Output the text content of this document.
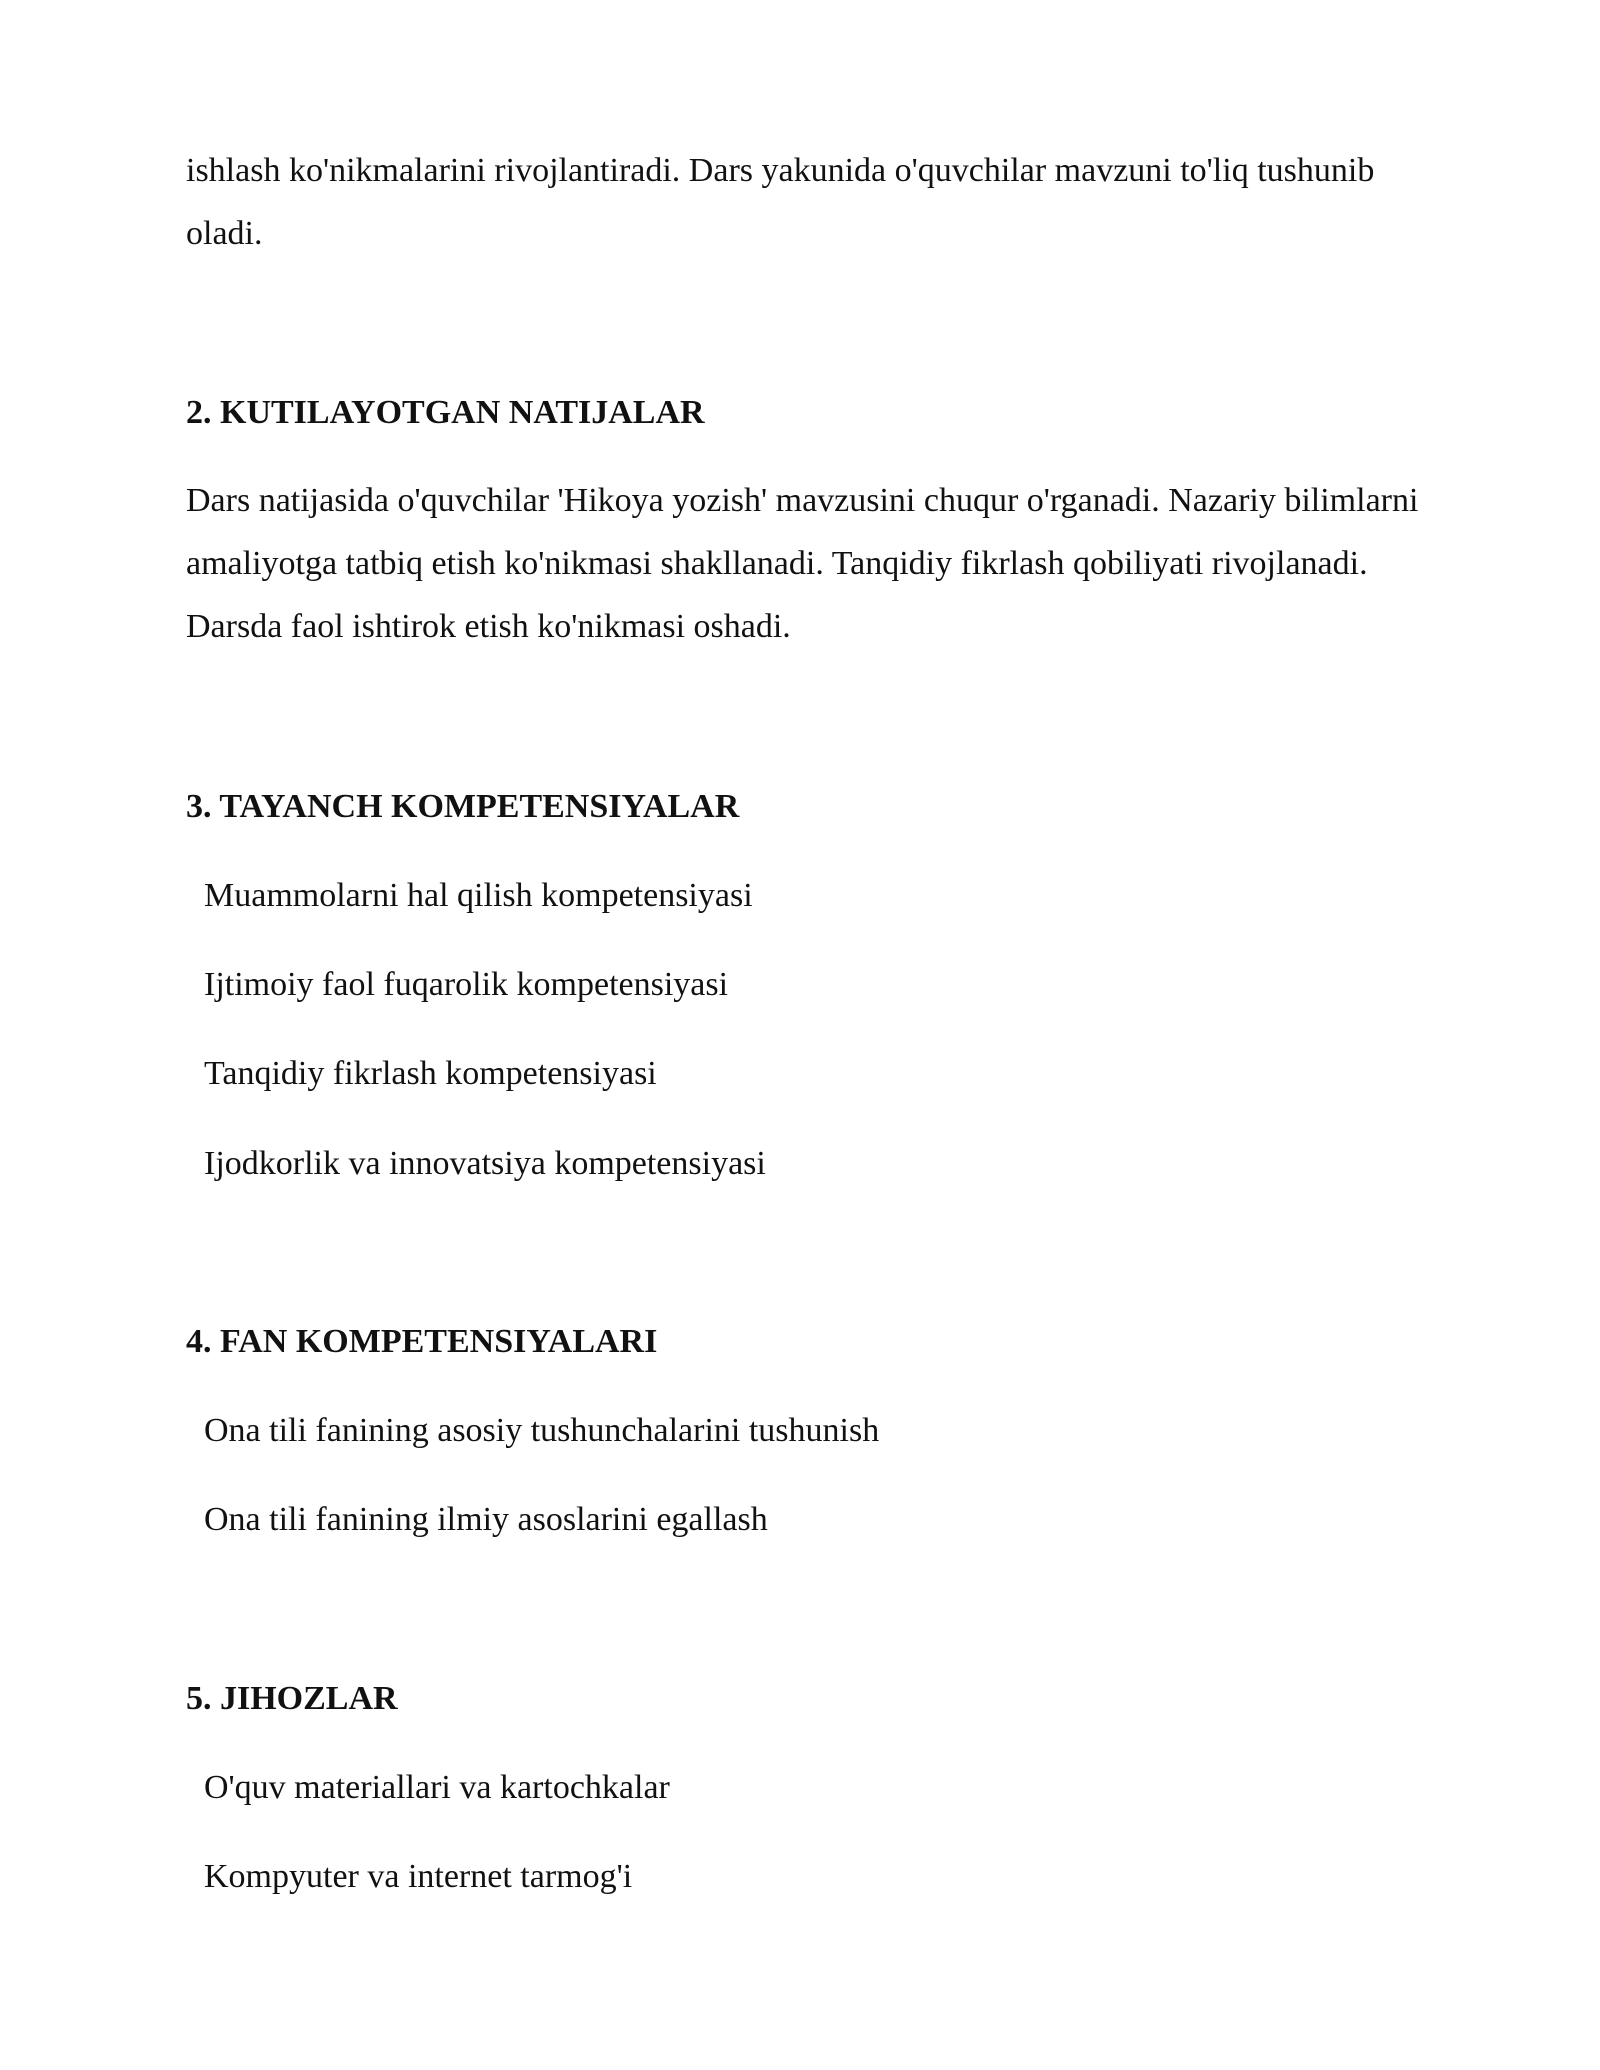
ishlash ko'nikmalarini rivojlantiradi. Dars yakunida o'quvchilar mavzuni to'liq tushunib oladi.

2. KUTILAYOTGAN NATIJALAR

Dars natijasida o'quvchilar 'Hikoya yozish' mavzusini chuqur o'rganadi. Nazariy bilimlarni amaliyotga tatbiq etish ko'nikmasi shakllanadi. Tanqidiy fikrlash qobiliyati rivojlanadi. Darsda faol ishtirok etish ko'nikmasi oshadi.

3. TAYANCH KOMPETENSIYALAR

Muammolarni hal qilish kompetensiyasi

Ijtimoiy faol fuqarolik kompetensiyasi

Tanqidiy fikrlash kompetensiyasi

Ijodkorlik va innovatsiya kompetensiyasi

4. FAN KOMPETENSIYALARI

Ona tili fanining asosiy tushunchalarini tushunish

Ona tili fanining ilmiy asoslarini egallash

5. JIHOZLAR

O'quv materiallari va kartochkalar

Kompyuter va internet tarmog'i
